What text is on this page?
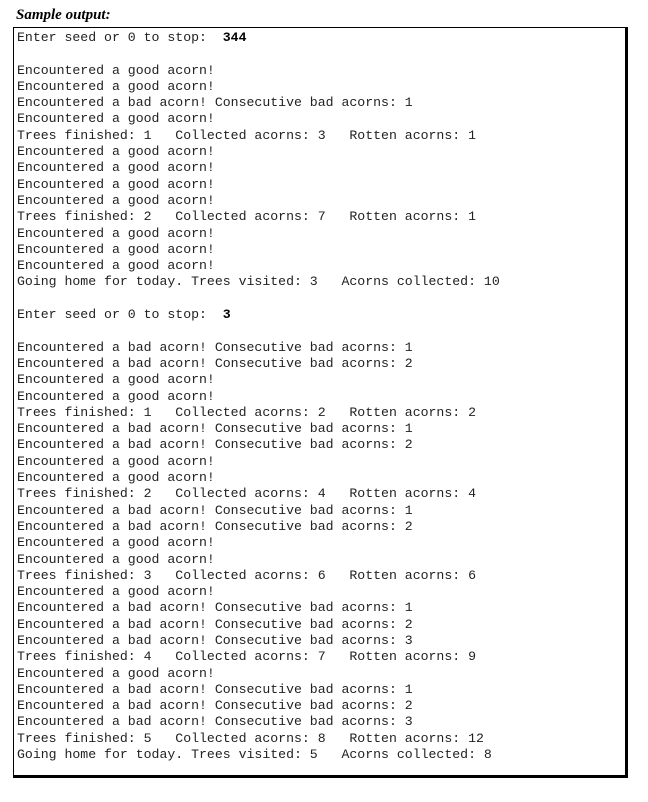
Sample output:
Enter seed or 0 to stop:  344
Encountered a good acorn!
Encountered a good acorn!
Encountered a bad acorn! Consecutive bad acorns: 1
Encountered a good acorn!
Trees finished: 1   Collected acorns: 3   Rotten acorns: 1
Encountered a good acorn!
Encountered a good acorn!
Encountered a good acorn!
Encountered a good acorn!
Trees finished: 2   Collected acorns: 7   Rotten acorns: 1
Encountered a good acorn!
Encountered a good acorn!
Encountered a good acorn!
Going home for today. Trees visited: 3   Acorns collected: 10
Enter seed or 0 to stop:  3
Encountered a bad acorn! Consecutive bad acorns: 1
Encountered a bad acorn! Consecutive bad acorns: 2
Encountered a good acorn!
Encountered a good acorn!
Trees finished: 1   Collected acorns: 2   Rotten acorns: 2
Encountered a bad acorn! Consecutive bad acorns: 1
Encountered a bad acorn! Consecutive bad acorns: 2
Encountered a good acorn!
Encountered a good acorn!
Trees finished: 2   Collected acorns: 4   Rotten acorns: 4
Encountered a bad acorn! Consecutive bad acorns: 1
Encountered a bad acorn! Consecutive bad acorns: 2
Encountered a good acorn!
Encountered a good acorn!
Trees finished: 3   Collected acorns: 6   Rotten acorns: 6
Encountered a good acorn!
Encountered a bad acorn! Consecutive bad acorns: 1
Encountered a bad acorn! Consecutive bad acorns: 2
Encountered a bad acorn! Consecutive bad acorns: 3
Trees finished: 4   Collected acorns: 7   Rotten acorns: 9
Encountered a good acorn!
Encountered a bad acorn! Consecutive bad acorns: 1
Encountered a bad acorn! Consecutive bad acorns: 2
Encountered a bad acorn! Consecutive bad acorns: 3
Trees finished: 5   Collected acorns: 8   Rotten acorns: 12
Going home for today. Trees visited: 5   Acorns collected: 8
